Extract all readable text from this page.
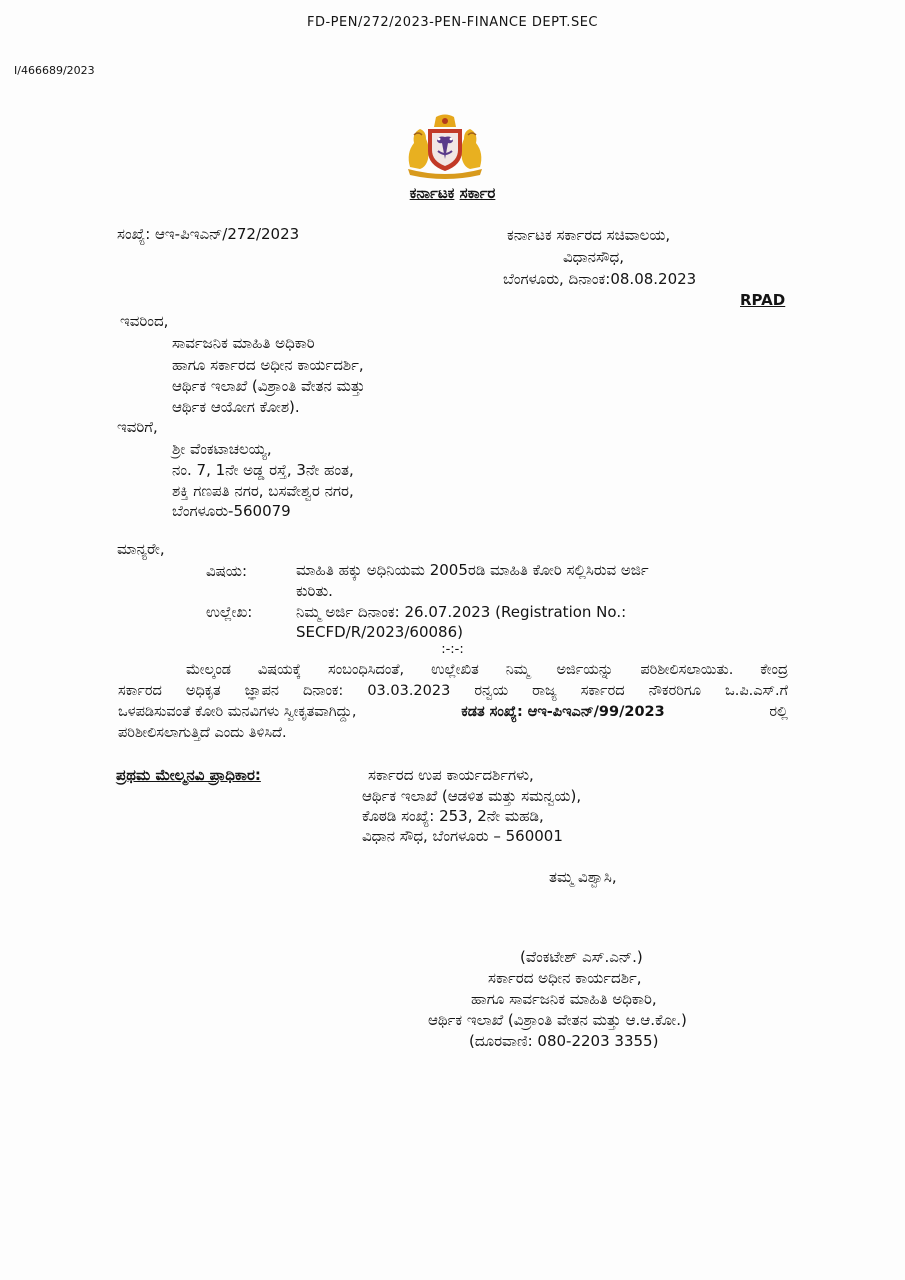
FD-PEN/272/2023-PEN-FINANCE DEPT.SEC
I/466689/2023
ಕರ್ನಾಟಕ ಸರ್ಕಾರ
ಸಂಖ್ಯೆ: ಆಇ-ಪಿಇಎನ್/272/2023	ಕರ್ನಾಟಕ ಸರ್ಕಾರದ ಸಚಿವಾಲಯ,
ವಿಧಾನಸೌಧ,
ಬೆಂಗಳೂರು, ದಿನಾಂಕ:08.08.2023
RPAD
ಇವರಿಂದ,
ಸಾರ್ವಜನಿಕ ಮಾಹಿತಿ ಅಧಿಕಾರಿ
ಹಾಗೂ ಸರ್ಕಾರದ ಅಧೀನ ಕಾರ್ಯದರ್ಶಿ,
ಆರ್ಥಿಕ ಇಲಾಖೆ (ವಿಶ್ರಾಂತಿ ವೇತನ ಮತ್ತು
ಆರ್ಥಿಕ ಆಯೋಗ ಕೋಶ).
ಇವರಿಗೆ,
ಶ್ರೀ ವೆಂಕಟಾಚಲಯ್ಯ,
ನಂ. 7, 1ನೇ ಅಡ್ಡ ರಸ್ತೆ, 3ನೇ ಹಂತ,
ಶಕ್ತಿ ಗಣಪತಿ ನಗರ, ಬಸವೇಶ್ವರ ನಗರ,
ಬೆಂಗಳೂರು-560079
ಮಾನ್ಯರೇ,
ವಿಷಯ:	ಮಾಹಿತಿ ಹಕ್ಕು ಅಧಿನಿಯಮ 2005ರಡಿ ಮಾಹಿತಿ ಕೋರಿ ಸಲ್ಲಿಸಿರುವ ಅರ್ಜಿ
ಕುರಿತು.
ಉಲ್ಲೇಖ:	ನಿಮ್ಮ ಅರ್ಜಿ ದಿನಾಂಕ: 26.07.2023 (Registration No.:
SECFD/R/2023/60086)
:-:-:
ಮೇಲ್ಕಂಡ ವಿಷಯಕ್ಕೆ ಸಂಬಂಧಿಸಿದಂತೆ, ಉಲ್ಲೇಖಿತ ನಿಮ್ಮ ಅರ್ಜಿಯನ್ನು ಪರಿಶೀಲಿಸಲಾಯಿತು. ಕೇಂದ್ರ
ಸರ್ಕಾರದ ಅಧಿಕೃತ ಜ್ಞಾಪನ ದಿನಾಂಕ: 03.03.2023 ರನ್ವಯ ರಾಜ್ಯ ಸರ್ಕಾರದ ನೌಕರರಿಗೂ ಒ.ಪಿ.ಎಸ್.ಗೆ
ಒಳಪಡಿಸುವಂತೆ ಕೋರಿ ಮನವಿಗಳು ಸ್ವೀಕೃತವಾಗಿದ್ದು,	ಕಡತ ಸಂಖ್ಯೆ: ಆಇ-ಪಿಇಎನ್/99/2023	ರಲ್ಲಿ
ಪರಿಶೀಲಿಸಲಾಗುತ್ತಿದೆ ಎಂದು ತಿಳಿಸಿದೆ.
ಪ್ರಥಮ ಮೇಲ್ಮನವಿ ಪ್ರಾಧಿಕಾರ:	ಸರ್ಕಾರದ ಉಪ ಕಾರ್ಯದರ್ಶಿಗಳು,
ಆರ್ಥಿಕ ಇಲಾಖೆ (ಆಡಳಿತ ಮತ್ತು ಸಮನ್ವಯ),
ಕೊಠಡಿ ಸಂಖ್ಯೆ: 253, 2ನೇ ಮಹಡಿ,
ವಿಧಾನ ಸೌಧ, ಬೆಂಗಳೂರು – 560001
ತಮ್ಮ ವಿಶ್ವಾಸಿ,
(ವೆಂಕಟೇಶ್ ಎಸ್.ಎನ್.)
ಸರ್ಕಾರದ ಅಧೀನ ಕಾರ್ಯದರ್ಶಿ,
ಹಾಗೂ ಸಾರ್ವಜನಿಕ ಮಾಹಿತಿ ಅಧಿಕಾರಿ,
ಆರ್ಥಿಕ ಇಲಾಖೆ (ವಿಶ್ರಾಂತಿ ವೇತನ ಮತ್ತು ಆ.ಆ.ಕೋ.)
(ದೂರವಾಣಿ: 080-2203 3355)
